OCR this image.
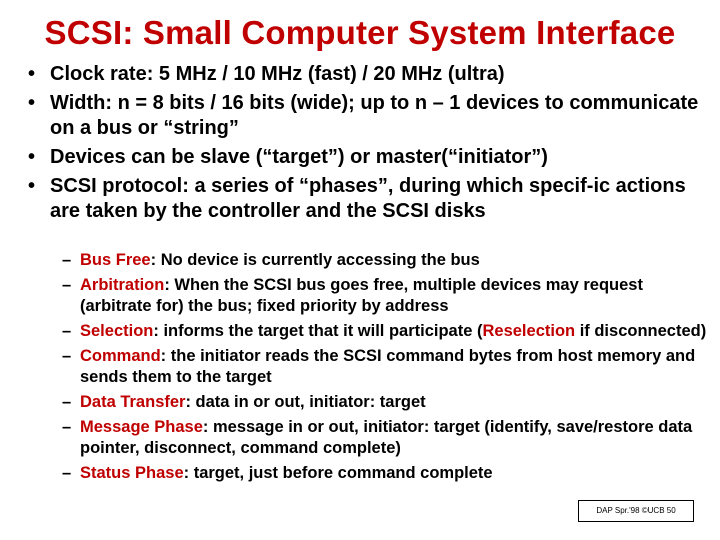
SCSI: Small Computer System Interface
• Clock rate: 5 MHz / 10 MHz (fast) / 20 MHz (ultra)
• Width: n = 8 bits / 16 bits (wide); up to n – 1 devices to communicate on a bus or “string”
• Devices can be slave (“target”) or master(“initiator”)
• SCSI protocol: a series of “phases”, during which specif-ic actions are taken by the controller and the SCSI disks
– Bus Free: No device is currently accessing the bus
– Arbitration: When the SCSI bus goes free, multiple devices may request (arbitrate for) the bus; fixed priority by address
– Selection: informs the target that it will participate (Reselection if disconnected)
– Command: the initiator reads the SCSI command bytes from host memory and sends them to the target
– Data Transfer: data in or out, initiator: target
– Message Phase: message in or out, initiator: target (identify, save/restore data pointer, disconnect, command complete)
– Status Phase: target, just before command complete
DAP Spr.'98 ©UCB 50
